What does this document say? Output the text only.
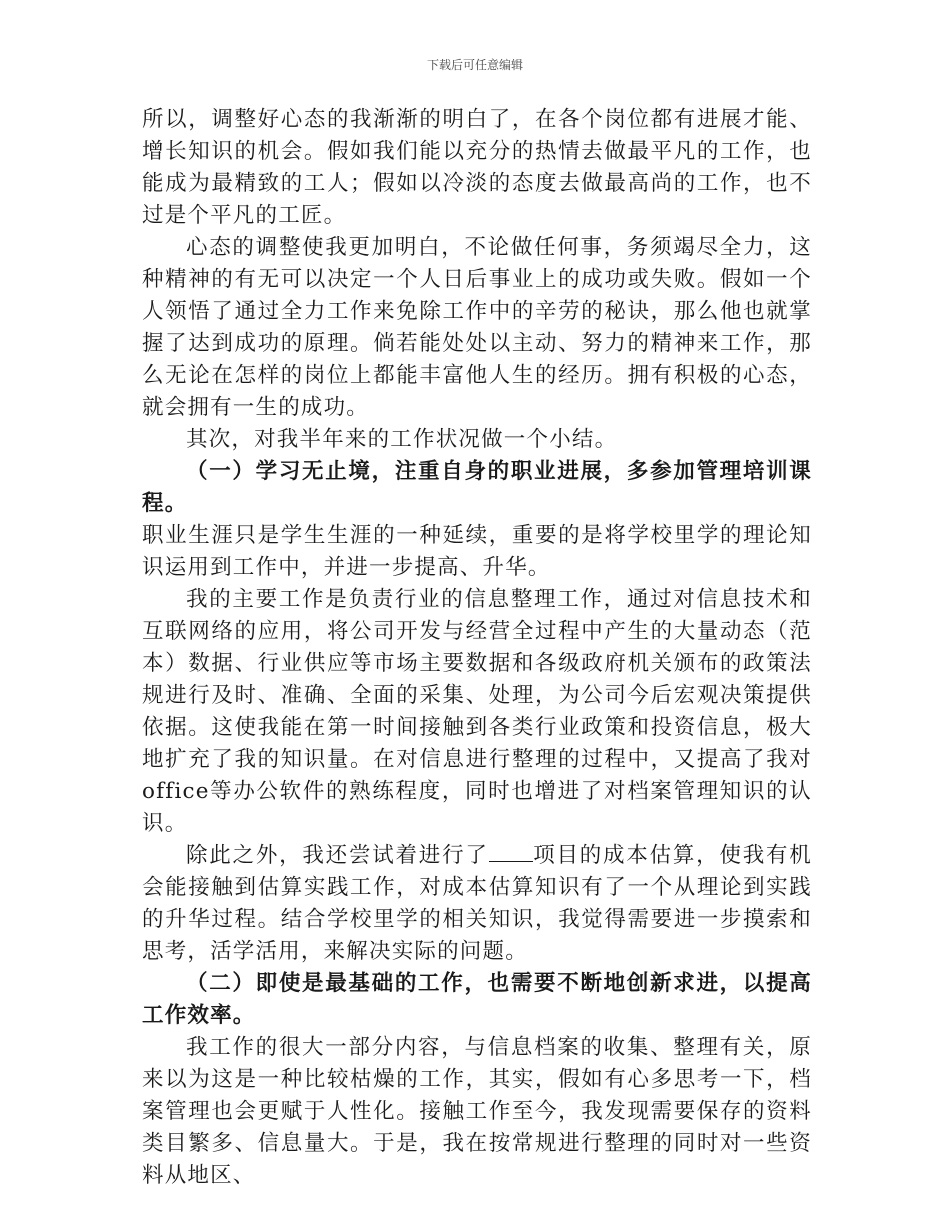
下载后可任意编辑

所以，调整好心态的我渐渐的明白了，在各个岗位都有进展才能、增长知识的机会。假如我们能以充分的热情去做最平凡的工作，也能成为最精致的工人；假如以冷淡的态度去做最高尚的工作，也不过是个平凡的工匠。

心态的调整使我更加明白，不论做任何事，务须竭尽全力，这种精神的有无可以决定一个人日后事业上的成功或失败。假如一个人领悟了通过全力工作来免除工作中的辛劳的秘诀，那么他也就掌握了达到成功的原理。倘若能处处以主动、努力的精神来工作，那么无论在怎样的岗位上都能丰富他人生的经历。拥有积极的心态，就会拥有一生的成功。

其次，对我半年来的工作状况做一个小结。

（一）学习无止境，注重自身的职业进展，多参加管理培训课程。

职业生涯只是学生生涯的一种延续，重要的是将学校里学的理论知识运用到工作中，并进一步提高、升华。

我的主要工作是负责行业的信息整理工作，通过对信息技术和互联网络的应用，将公司开发与经营全过程中产生的大量动态（范本）数据、行业供应等市场主要数据和各级政府机关颁布的政策法规进行及时、准确、全面的采集、处理，为公司今后宏观决策提供依据。这使我能在第一时间接触到各类行业政策和投资信息，极大地扩充了我的知识量。在对信息进行整理的过程中，又提高了我对office等办公软件的熟练程度，同时也增进了对档案管理知识的认识。

除此之外，我还尝试着进行了 项目的成本估算，使我有机会能接触到估算实践工作，对成本估算知识有了一个从理论到实践的升华过程。结合学校里学的相关知识，我觉得需要进一步摸索和思考，活学活用，来解决实际的问题。

（二）即使是最基础的工作，也需要不断地创新求进，以提高工作效率。

我工作的很大一部分内容，与信息档案的收集、整理有关，原来以为这是一种比较枯燥的工作，其实，假如有心多思考一下，档案管理也会更赋于人性化。接触工作至今，我发现需要保存的资料类目繁多、信息量大。于是，我在按常规进行整理的同时对一些资料从地区、
